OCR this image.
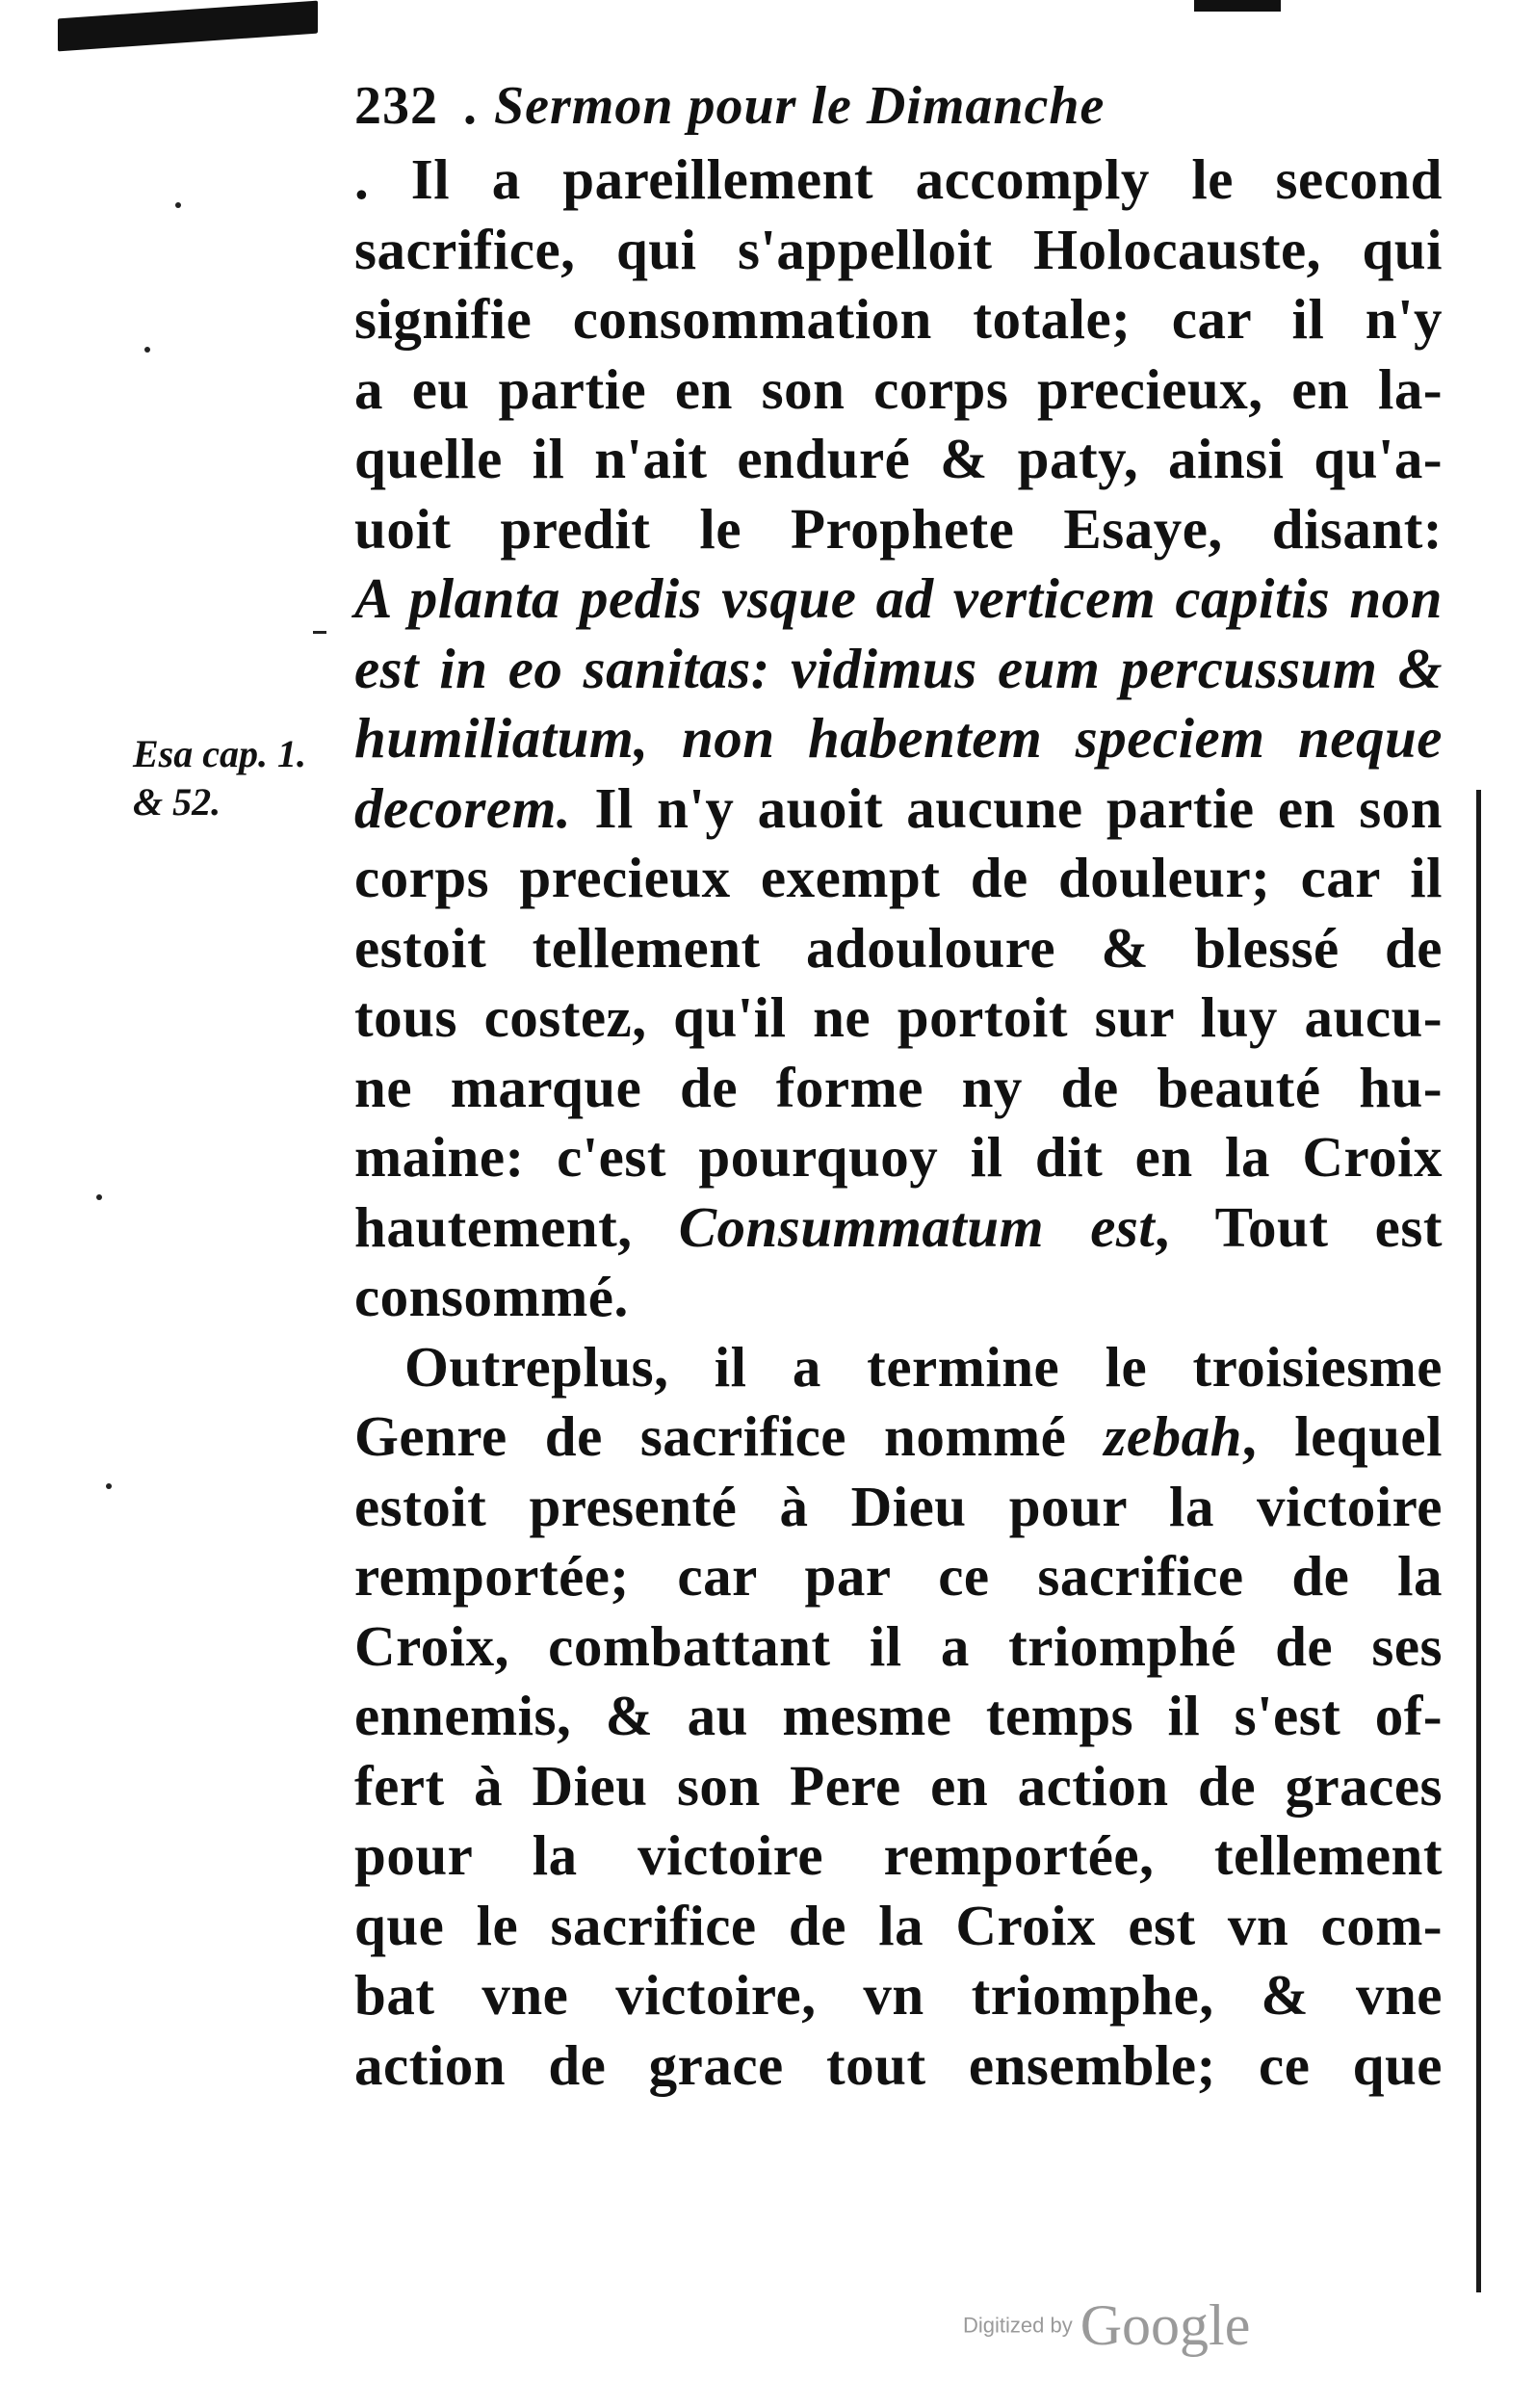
Esa cap. 1.
& 52.
232 . Sermon pour le Dimanche
. Il a pareillement accomply le second
sacrifice, qui s'appelloit Holocauste, qui
signifie consommation totale; car il n'y
a eu partie en son corps precieux, en la-
quelle il n'ait enduré & paty, ainsi qu'a-
uoit predit le Prophete Esaye, disant:
A planta pedis vsque ad verticem capitis non
est in eo sanitas: vidimus eum percussum &
humiliatum, non habentem speciem neque
decorem. Il n'y auoit aucune partie en son
corps precieux exempt de douleur; car il
estoit tellement adouloure & blessé de
tous costez, qu'il ne portoit sur luy aucu-
ne marque de forme ny de beauté hu-
maine: c'est pourquoy il dit en la Croix
hautement, Consummatum est, Tout est
consommé.
Outreplus, il a termine le troisiesme
Genre de sacrifice nommé zebah, lequel
estoit presenté à Dieu pour la victoire
remportée; car par ce sacrifice de la
Croix, combattant il a triomphé de ses
ennemis, & au mesme temps il s'est of-
fert à Dieu son Pere en action de graces
pour la victoire remportée, tellement
que le sacrifice de la Croix est vn com-
bat vne victoire, vn triomphe, & vne
action de grace tout ensemble; ce que
Digitized by Google
